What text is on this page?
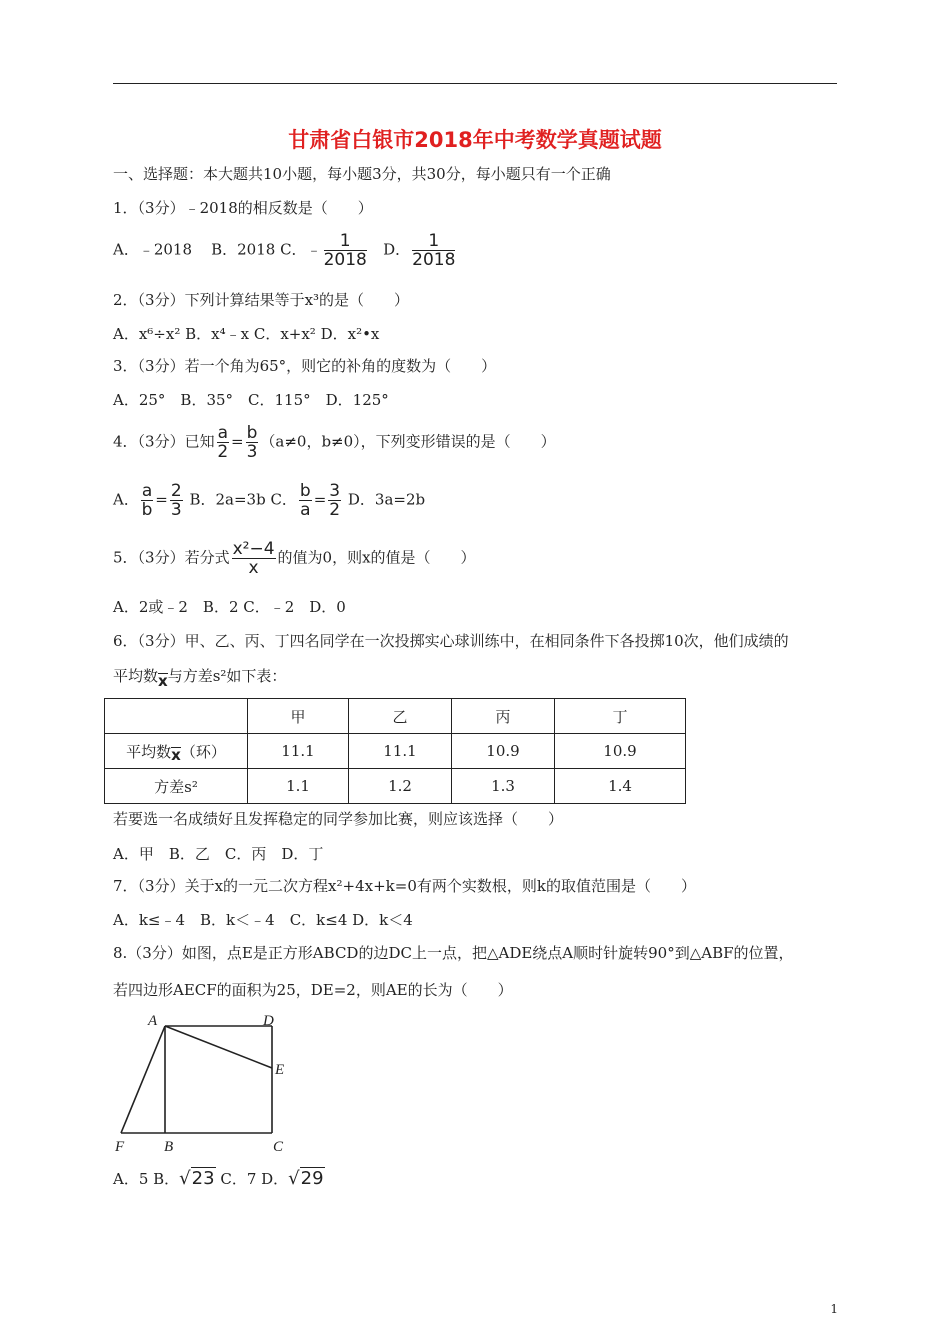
甘肃省白银市2018年中考数学真题试题
一、选择题：本大题共10小题，每小题3分，共30分，每小题只有一个正确
1．（3分）﹣2018的相反数是（　　）
A．﹣2018 B．2018 C．﹣ $\frac{1}{2018}$ D． $\frac{1}{2018}$
2．（3分）下列计算结果等于x³的是（　　）
A．x⁶÷x² B．x⁴﹣x C．x+x² D．x²•x
3．（3分）若一个角为65°，则它的补角的度数为（　　）
A．25°　B．35°　C．115°　D．125°
4．（3分）已知 $\frac{a}{2} = \frac{b}{3} (a\ne 0$，b≠0），下列变形错误的是（　　）
A． $\frac{a}{b} = \frac{2}{3}$ B．2a=3b C． $\frac{b}{a} = \frac{3}{2}$ D．3a=2b
5．（3分）若分式 $\frac{\text{x²−4}}{x}$ 的值为0，则x的值是（　　）
A．2或﹣2　B．2 C．﹣2　D．0
6．（3分）甲、乙、丙、丁四名同学在一次投掷实心球训练中，在相同条件下各投掷10次，他们成绩的
平均数 x 与方差s²如下表：
	甲	乙	丙	丁
平均数 x （环）	11.1	11.1	10.9	10.9
方差s²	1.1	1.2	1.3	1.4
若要选一名成绩好且发挥稳定的同学参加比赛，则应该选择（　　）
A．甲　B．乙　C．丙　D．丁
7．（3分）关于x的一元二次方程x²+4x+k=0有两个实数根，则k的取值范围是（　　）
A．k≤﹣4　B．k＜﹣4　C．k≤4 D．k＜4
8.（3分）如图，点E是正方形ABCD的边DC上一点，把△ADE绕点A顺时针旋转90°到△ABF的位置，
若四边形AECF的面积为25，DE=2，则AE的长为（　　）
A	D
E
F	B	C
A．5 B．√23 C．7 D．√29
1
